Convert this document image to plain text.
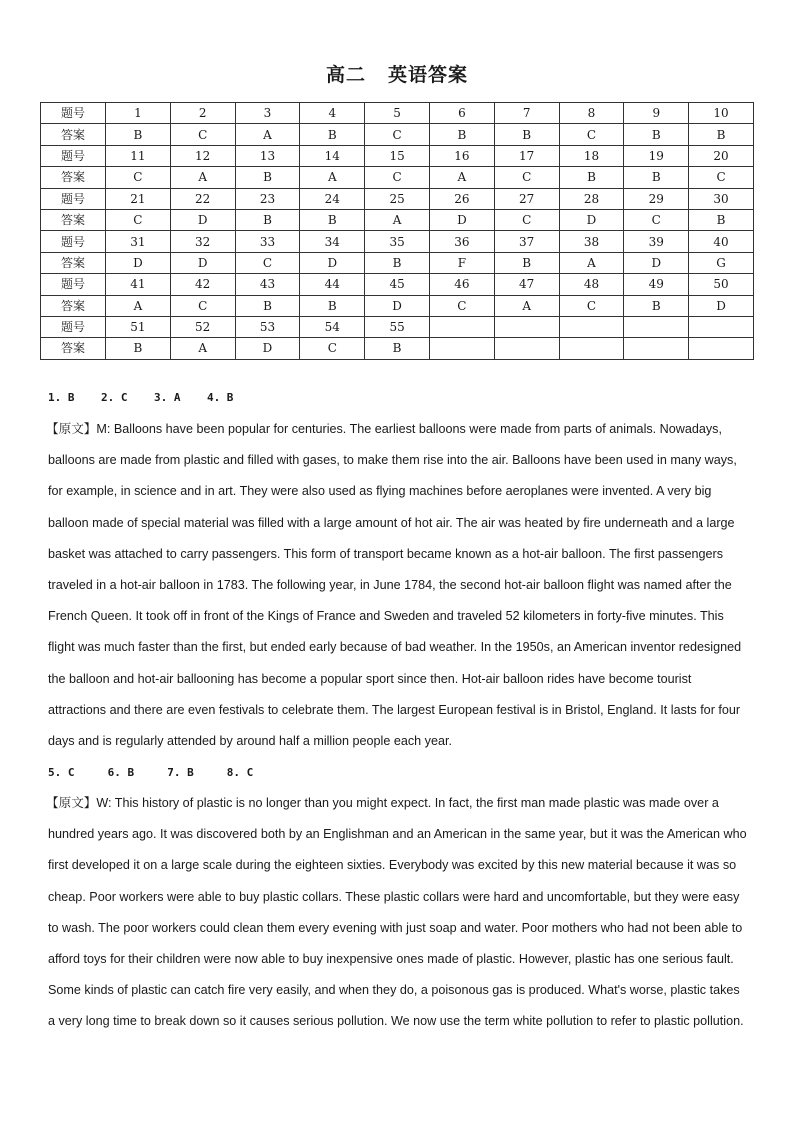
高二 英语答案
题号	1	2	3	4	5	6	7	8	9	10
答案	B	C	A	B	C	B	B	C	B	B
题号	11	12	13	14	15	16	17	18	19	20
答案	C	A	B	A	C	A	C	B	B	C
题号	21	22	23	24	25	26	27	28	29	30
答案	C	D	B	B	A	D	C	D	C	B
题号	31	32	33	34	35	36	37	38	39	40
答案	D	D	C	D	B	F	B	A	D	G
题号	41	42	43	44	45	46	47	48	49	50
答案	A	C	B	B	D	C	A	C	B	D
题号	51	52	53	54	55					
答案	B	A	D	C	B					
1. B    2. C    3. A    4. B

【原文】M: Balloons have been popular for centuries. The earliest balloons were made from parts of animals. Nowadays, balloons are made from plastic and filled with gases, to make them rise into the air. Balloons have been used in many ways, for example, in science and in art. They were also used as flying machines before aeroplanes were invented. A very big balloon made of special material was filled with a large amount of hot air. The air was heated by fire underneath and a large basket was attached to carry passengers. This form of transport became known as a hot-air balloon. The first passengers traveled in a hot-air balloon in 1783. The following year, in June 1784, the second hot-air balloon flight was named after the French Queen. It took off in front of the Kings of France and Sweden and traveled 52 kilometers in forty-five minutes. This flight was much faster than the first, but ended early because of bad weather. In the 1950s, an American inventor redesigned the balloon and hot-air ballooning has become a popular sport since then. Hot-air balloon rides have become tourist attractions and there are even festivals to celebrate them. The largest European festival is in Bristol, England. It lasts for four days and is regularly attended by around half a million people each year.

5. C     6. B     7. B     8. C

【原文】W: This history of plastic is no longer than you might expect. In fact, the first man made plastic was made over a hundred years ago. It was discovered both by an Englishman and an American in the same year, but it was the American who first developed it on a large scale during the eighteen sixties. Everybody was excited by this new material because it was so cheap. Poor workers were able to buy plastic collars. These plastic collars were hard and uncomfortable, but they were easy to wash. The poor workers could clean them every evening with just soap and water. Poor mothers who had not been able to afford toys for their children were now able to buy inexpensive ones made of plastic. However, plastic has one serious fault. Some kinds of plastic can catch fire very easily, and when they do, a poisonous gas is produced. What's worse, plastic takes a very long time to break down so it causes serious pollution. We now use the term white pollution to refer to plastic pollution.
